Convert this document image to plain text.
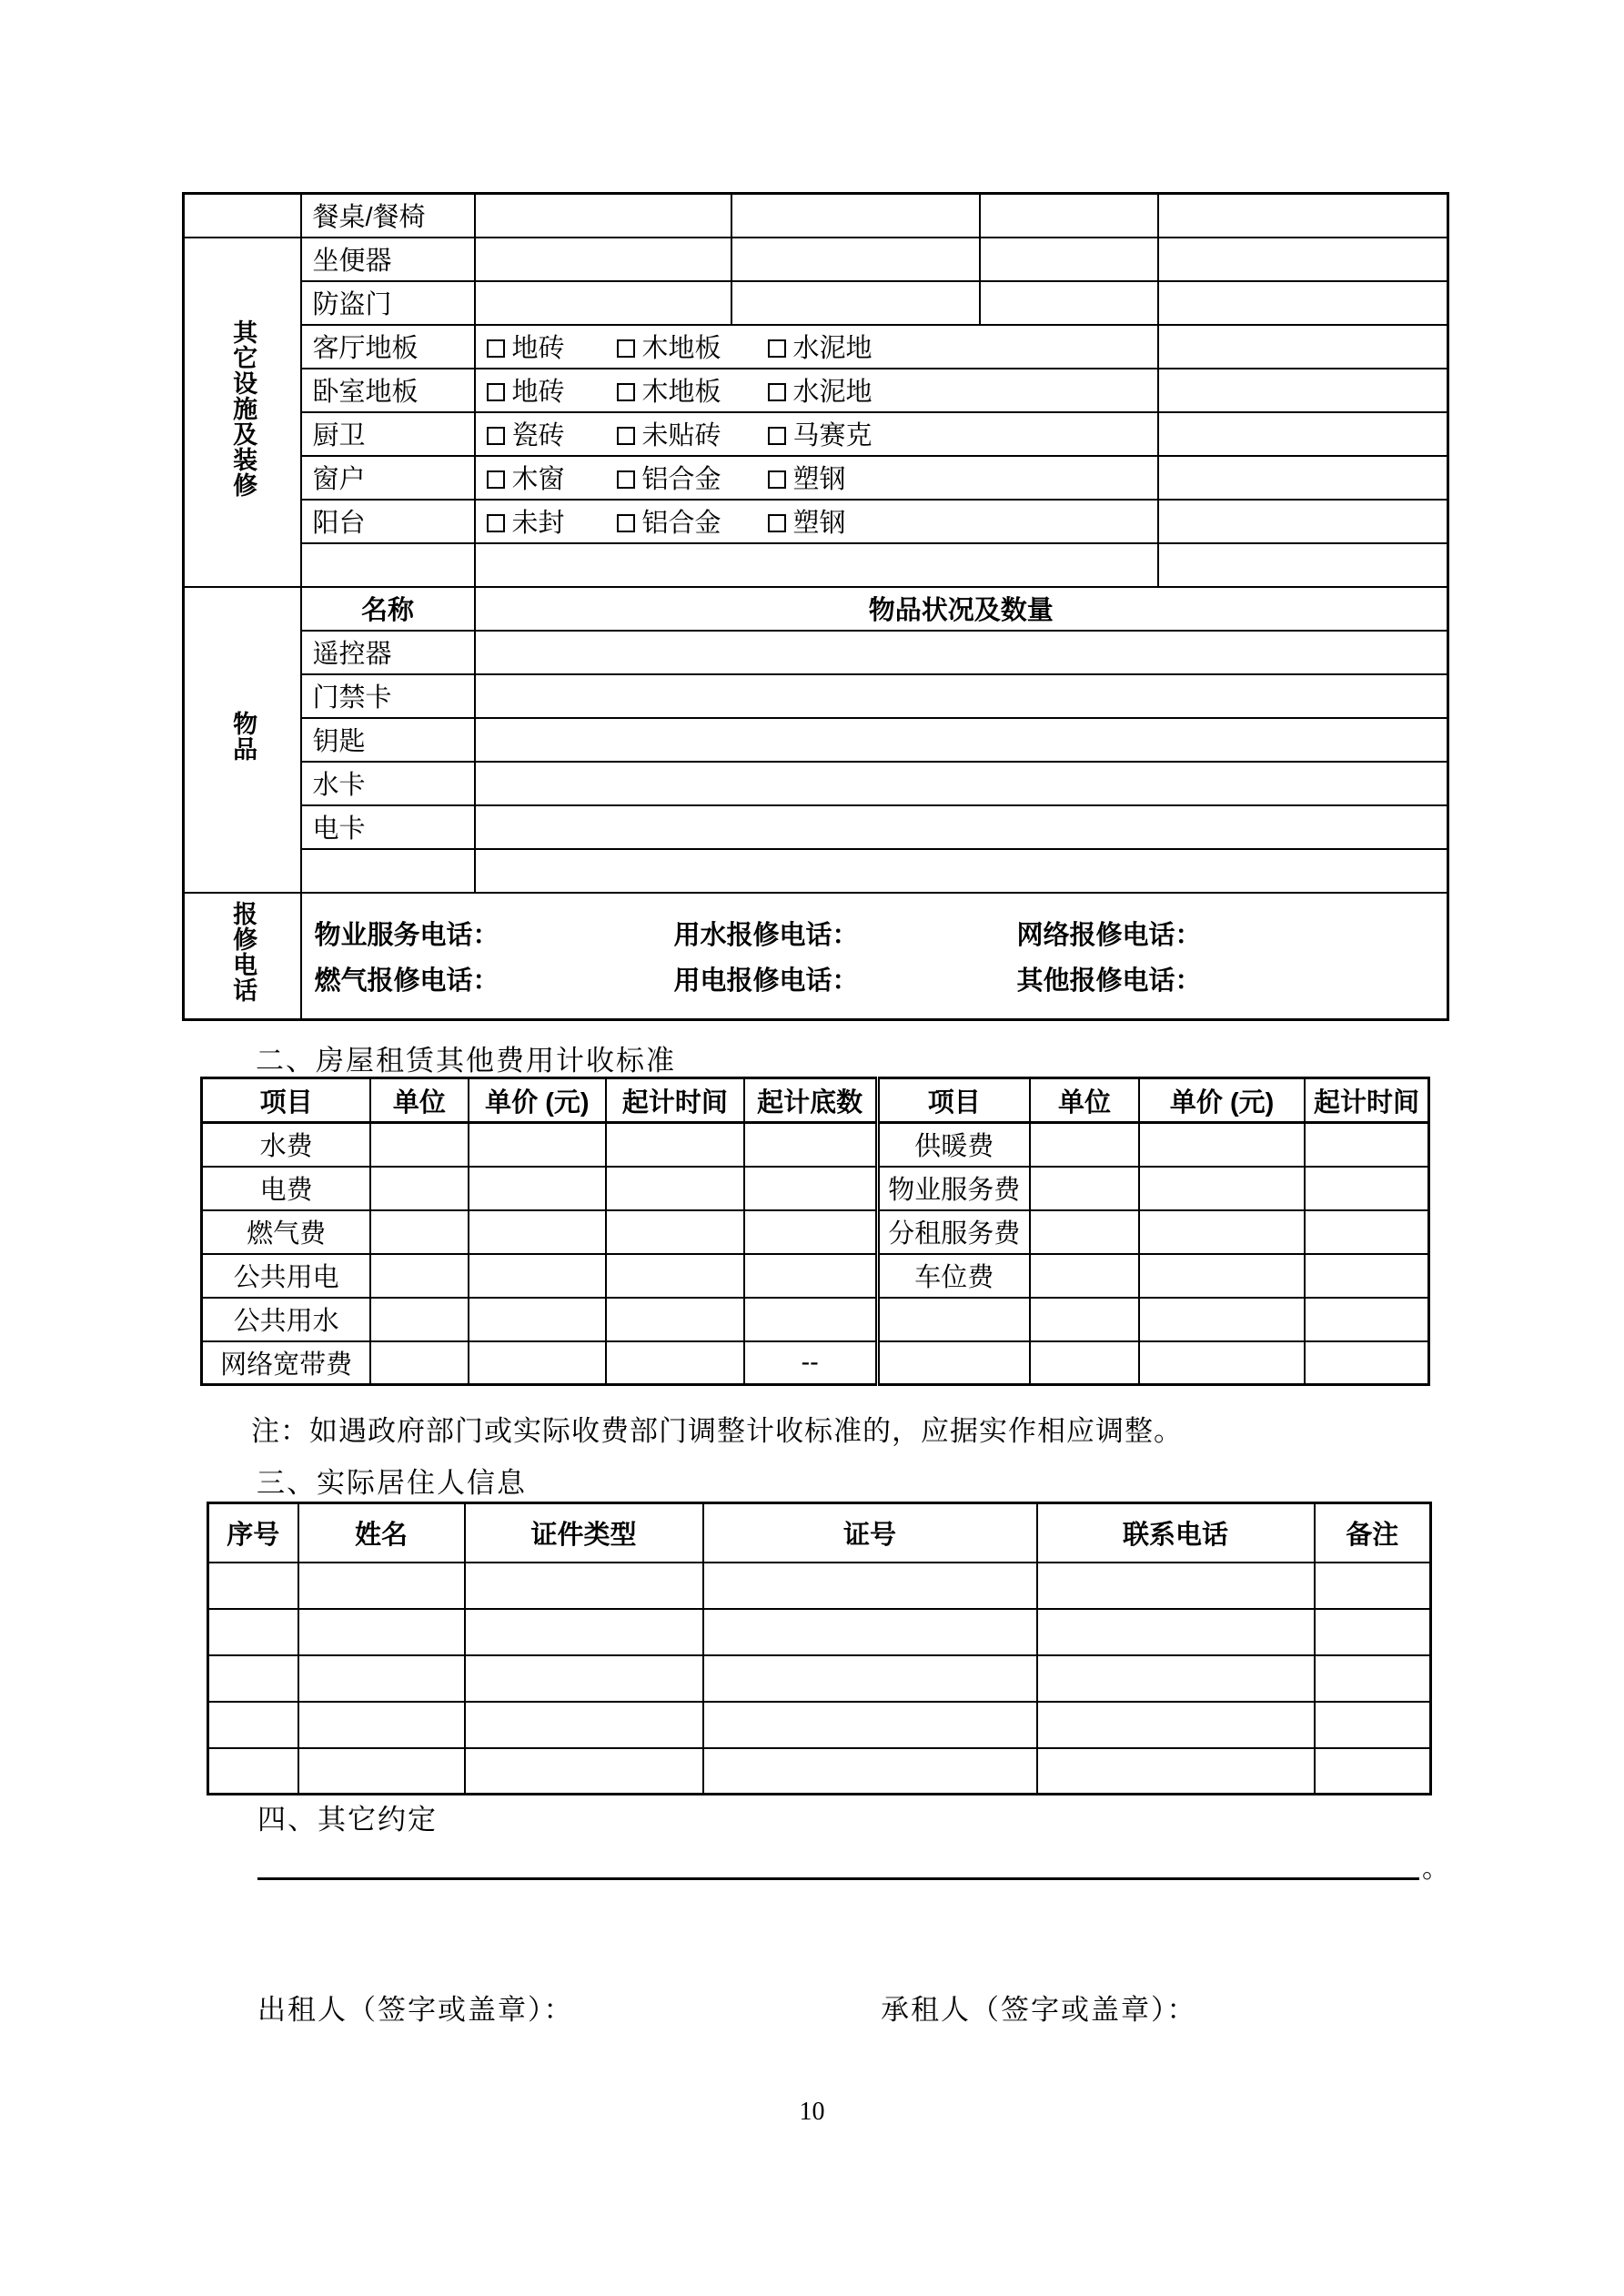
	餐桌/餐椅				
其它设施及装修	坐便器				
	防盗门				
	客厅地板	地砖 木地板 水泥地			
	卧室地板	地砖 木地板 水泥地			
	厨卫	瓷砖 未贴砖 马赛克			
	窗户	木窗 铝合金 塑钢			
	阳台	未封 铝合金 塑钢			

物品	名称	物品状况及数量			
	遥控器				
	门禁卡				
	钥匙				
	水卡				
	电卡				

报修电话	物业服务电话：	用水报修电话：	网络报修电话：
燃气报修电话：	用电报修电话：	其他报修电话：
二、房屋租赁其他费用计收标准
项目	单位	单价 (元)	起计时间	起计底数	项目	单位	单价 (元)	起计时间
水费					供暖费			
电费					物业服务费			
燃气费					分租服务费			
公共用电					车位费			
公共用水								
网络宽带费				--				
注：如遇政府部门或实际收费部门调整计收标准的，应据实作相应调整。
三、实际居住人信息
序号	姓名	证件类型	证号	联系电话	备注

四、其它约定
。
出租人（签字或盖章）：	承租人（签字或盖章）：
10
